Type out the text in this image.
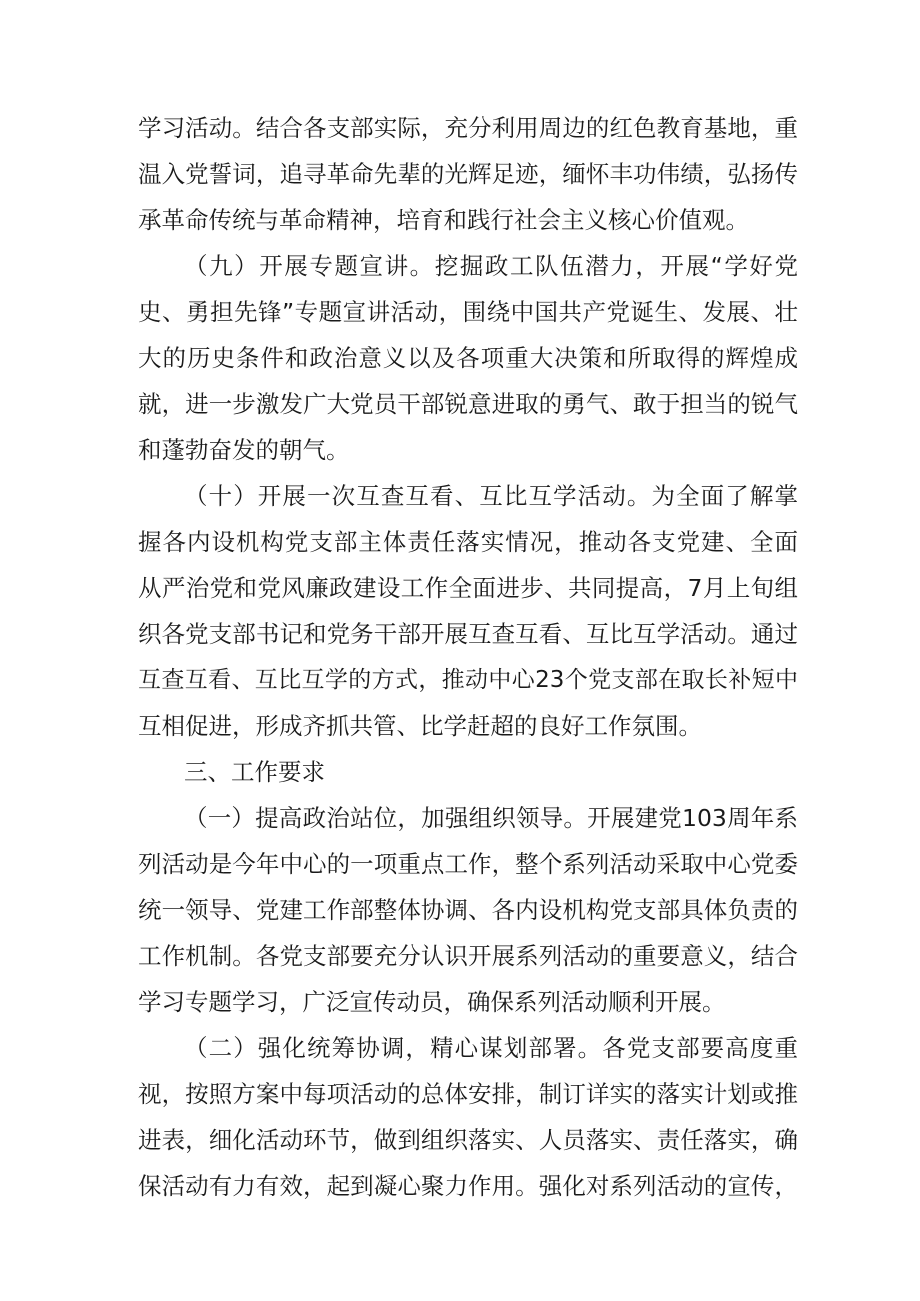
学习活动。结合各支部实际，充分利用周边的红色教育基地，重
温入党誓词，追寻革命先辈的光辉足迹，缅怀丰功伟绩，弘扬传
承革命传统与革命精神，培育和践行社会主义核心价值观。
（九）开展专题宣讲。挖掘政工队伍潜力，开展“学好党
史、勇担先锋”专题宣讲活动，围绕中国共产党诞生、发展、壮
大的历史条件和政治意义以及各项重大决策和所取得的辉煌成
就，进一步激发广大党员干部锐意进取的勇气、敢于担当的锐气
和蓬勃奋发的朝气。
（十）开展一次互查互看、互比互学活动。为全面了解掌
握各内设机构党支部主体责任落实情况，推动各支党建、全面
从严治党和党风廉政建设工作全面进步、共同提高，7月上旬组
织各党支部书记和党务干部开展互查互看、互比互学活动。通过
互查互看、互比互学的方式，推动中心23个党支部在取长补短中
互相促进，形成齐抓共管、比学赶超的良好工作氛围。
三、工作要求
（一）提高政治站位，加强组织领导。开展建党103周年系
列活动是今年中心的一项重点工作，整个系列活动采取中心党委
统一领导、党建工作部整体协调、各内设机构党支部具体负责的
工作机制。各党支部要充分认识开展系列活动的重要意义，结合
学习专题学习，广泛宣传动员，确保系列活动顺利开展。
（二）强化统筹协调，精心谋划部署。各党支部要高度重
视，按照方案中每项活动的总体安排，制订详实的落实计划或推
进表，细化活动环节，做到组织落实、人员落实、责任落实，确
保活动有力有效，起到凝心聚力作用。强化对系列活动的宣传，
